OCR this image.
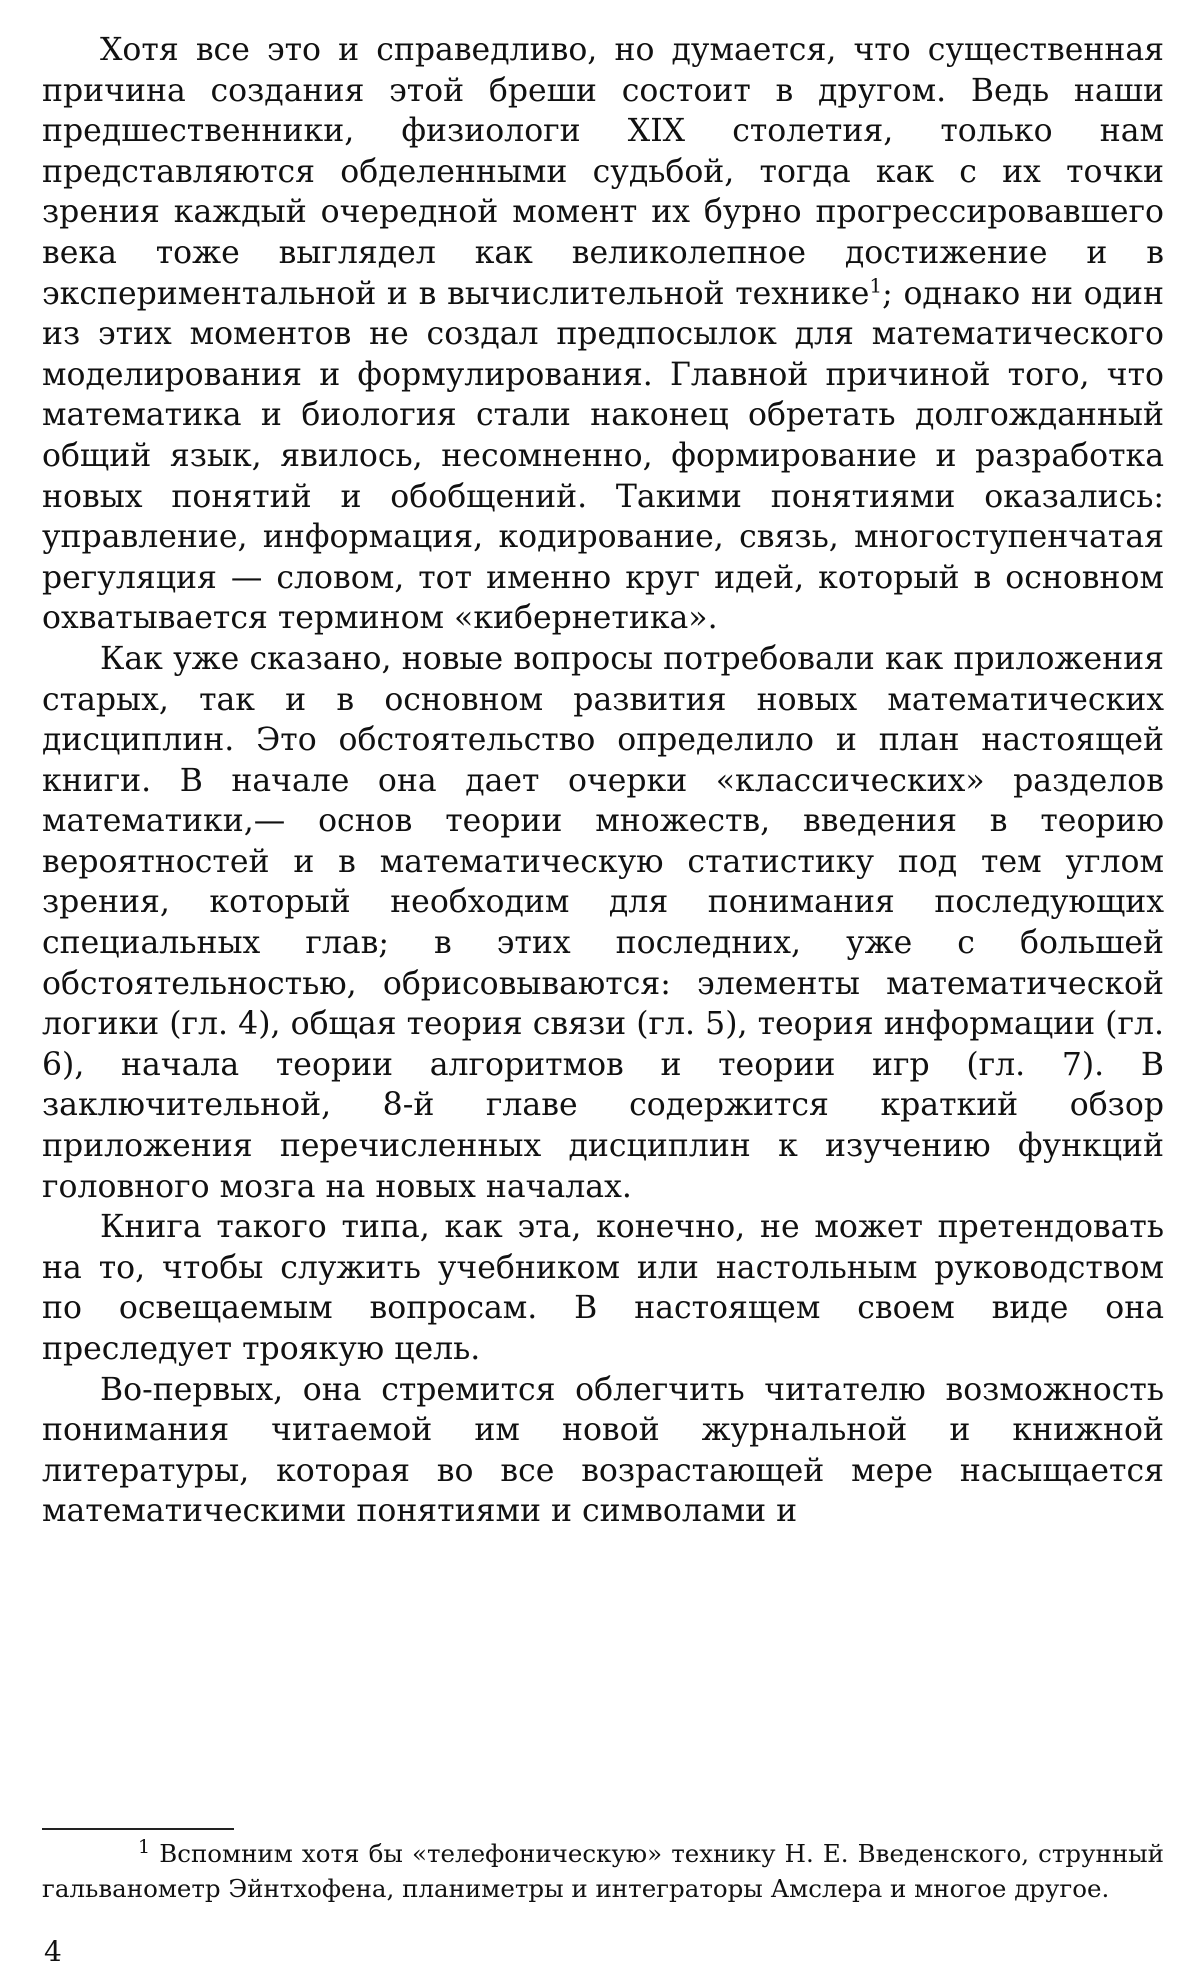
Хотя все это и справедливо, но думается, что существенная причина создания этой бреши состоит в другом. Ведь наши предшественники, физиологи XIX столетия, только нам представляются обделенными судьбой, тогда как с их точки зрения каждый очередной момент их бурно прогрессировавшего века тоже выглядел как великолепное достижение и в экспериментальной и в вычислительной технике$^1$; однако ни один из этих моментов не создал предпосылок для математического моделирования и формулирования. Главной причиной того, что математика и биология стали наконец обретать долгожданный общий язык, явилось, несомненно, формирование и разработка новых понятий и обобщений. Такими понятиями оказались: управление, информация, кодирование, связь, многоступенчатая регуляция — словом, тот именно круг идей, который в основном охватывается термином «кибернетика».

Как уже сказано, новые вопросы потребовали как приложения старых, так и в основном развития новых математических дисциплин. Это обстоятельство определило и план настоящей книги. В начале она дает очерки «классических» разделов математики,— основ теории множеств, введения в теорию вероятностей и в математическую статистику под тем углом зрения, который необходим для понимания последующих специальных глав; в этих последних, уже с большей обстоятельностью, обрисовываются: элементы математической логики (гл. 4), общая теория связи (гл. 5), теория информации (гл. 6), начала теории алгоритмов и теории игр (гл. 7). В заключительной, 8-й главе содержится краткий обзор приложения перечисленных дисциплин к изучению функций головного мозга на новых началах.

Книга такого типа, как эта, конечно, не может претендовать на то, чтобы служить учебником или настольным руководством по освещаемым вопросам. В настоящем своем виде она преследует троякую цель.

Во-первых, она стремится облегчить читателю возможность понимания читаемой им новой журнальной и книжной литературы, которая во все возрастающей мере насыщается математическими понятиями и символами и

$^1$ Вспомним хотя бы «телефоническую» технику Н. Е. Введенского, струнный гальванометр Эйнтхофена, планиметры и интеграторы Амслера и многое другое.
4
